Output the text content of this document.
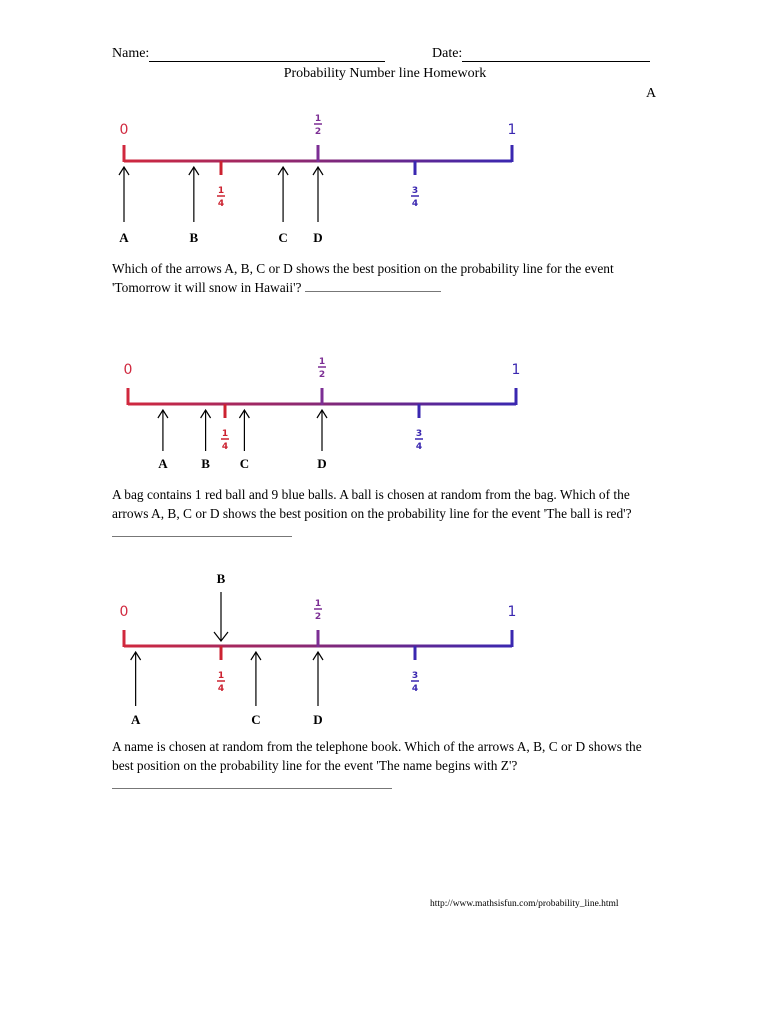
Name:	Date:
Probability Number line Homework
A
0	1
1
2
1
4
3
4
A	B	C D
Which of the arrows A, B, C or D shows the best position on the probability line for the event 'Tomorrow it will snow in Hawaii'?
0	1
1
2
1
4
3
4
A	B C	D
A bag contains 1 red ball and 9 blue balls. A ball is chosen at random from the bag. Which of the arrows A, B, C or D shows the best position on the probability line for the event 'The ball is red'?
0	1
1
2
1
4
3
4
A
B
C	D
A name is chosen at random from the telephone book. Which of the arrows A, B, C or D shows the best position on the probability line for the event 'The name begins with Z'?

http://www.mathsisfun.com/probability_line.html
